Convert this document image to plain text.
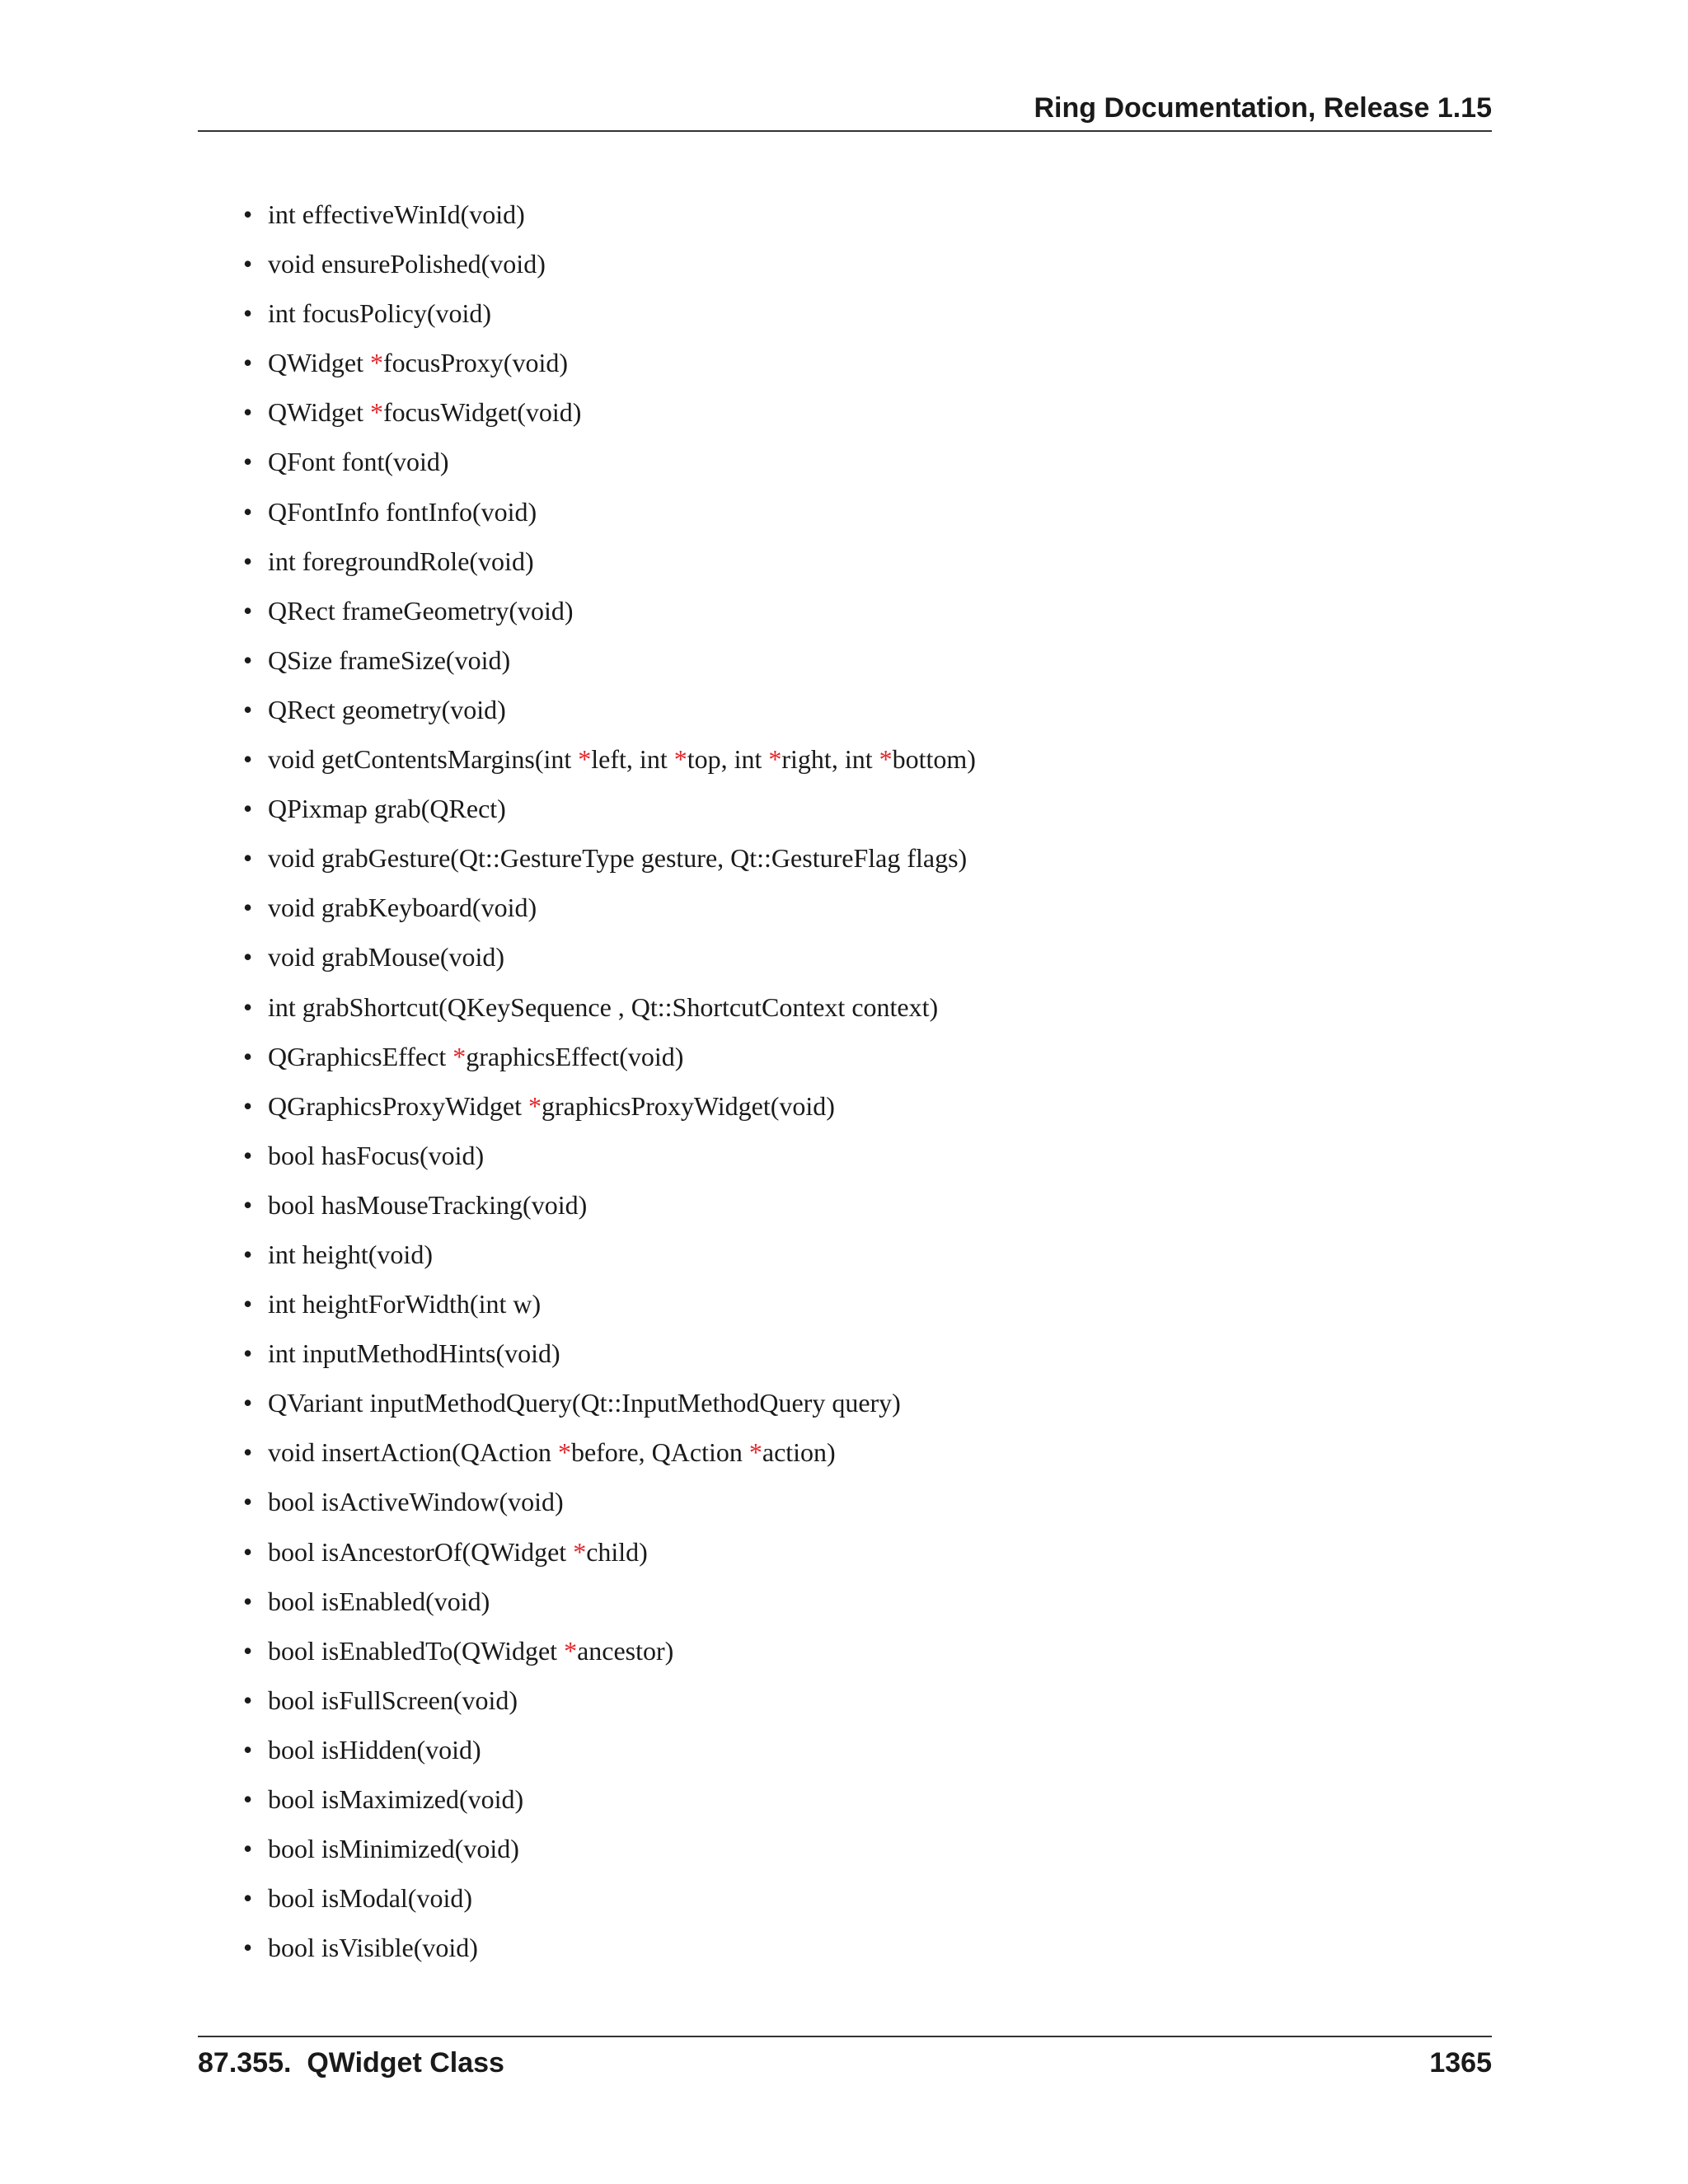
Ring Documentation, Release 1.15
• int effectiveWinId(void)
• void ensurePolished(void)
• int focusPolicy(void)
• QWidget *focusProxy(void)
• QWidget *focusWidget(void)
• QFont font(void)
• QFontInfo fontInfo(void)
• int foregroundRole(void)
• QRect frameGeometry(void)
• QSize frameSize(void)
• QRect geometry(void)
• void getContentsMargins(int *left, int *top, int *right, int *bottom)
• QPixmap grab(QRect)
• void grabGesture(Qt::GestureType gesture, Qt::GestureFlag flags)
• void grabKeyboard(void)
• void grabMouse(void)
• int grabShortcut(QKeySequence , Qt::ShortcutContext context)
• QGraphicsEffect *graphicsEffect(void)
• QGraphicsProxyWidget *graphicsProxyWidget(void)
• bool hasFocus(void)
• bool hasMouseTracking(void)
• int height(void)
• int heightForWidth(int w)
• int inputMethodHints(void)
• QVariant inputMethodQuery(Qt::InputMethodQuery query)
• void insertAction(QAction *before, QAction *action)
• bool isActiveWindow(void)
• bool isAncestorOf(QWidget *child)
• bool isEnabled(void)
• bool isEnabledTo(QWidget *ancestor)
• bool isFullScreen(void)
• bool isHidden(void)
• bool isMaximized(void)
• bool isMinimized(void)
• bool isModal(void)
• bool isVisible(void)
87.355.  QWidget Class	1365
